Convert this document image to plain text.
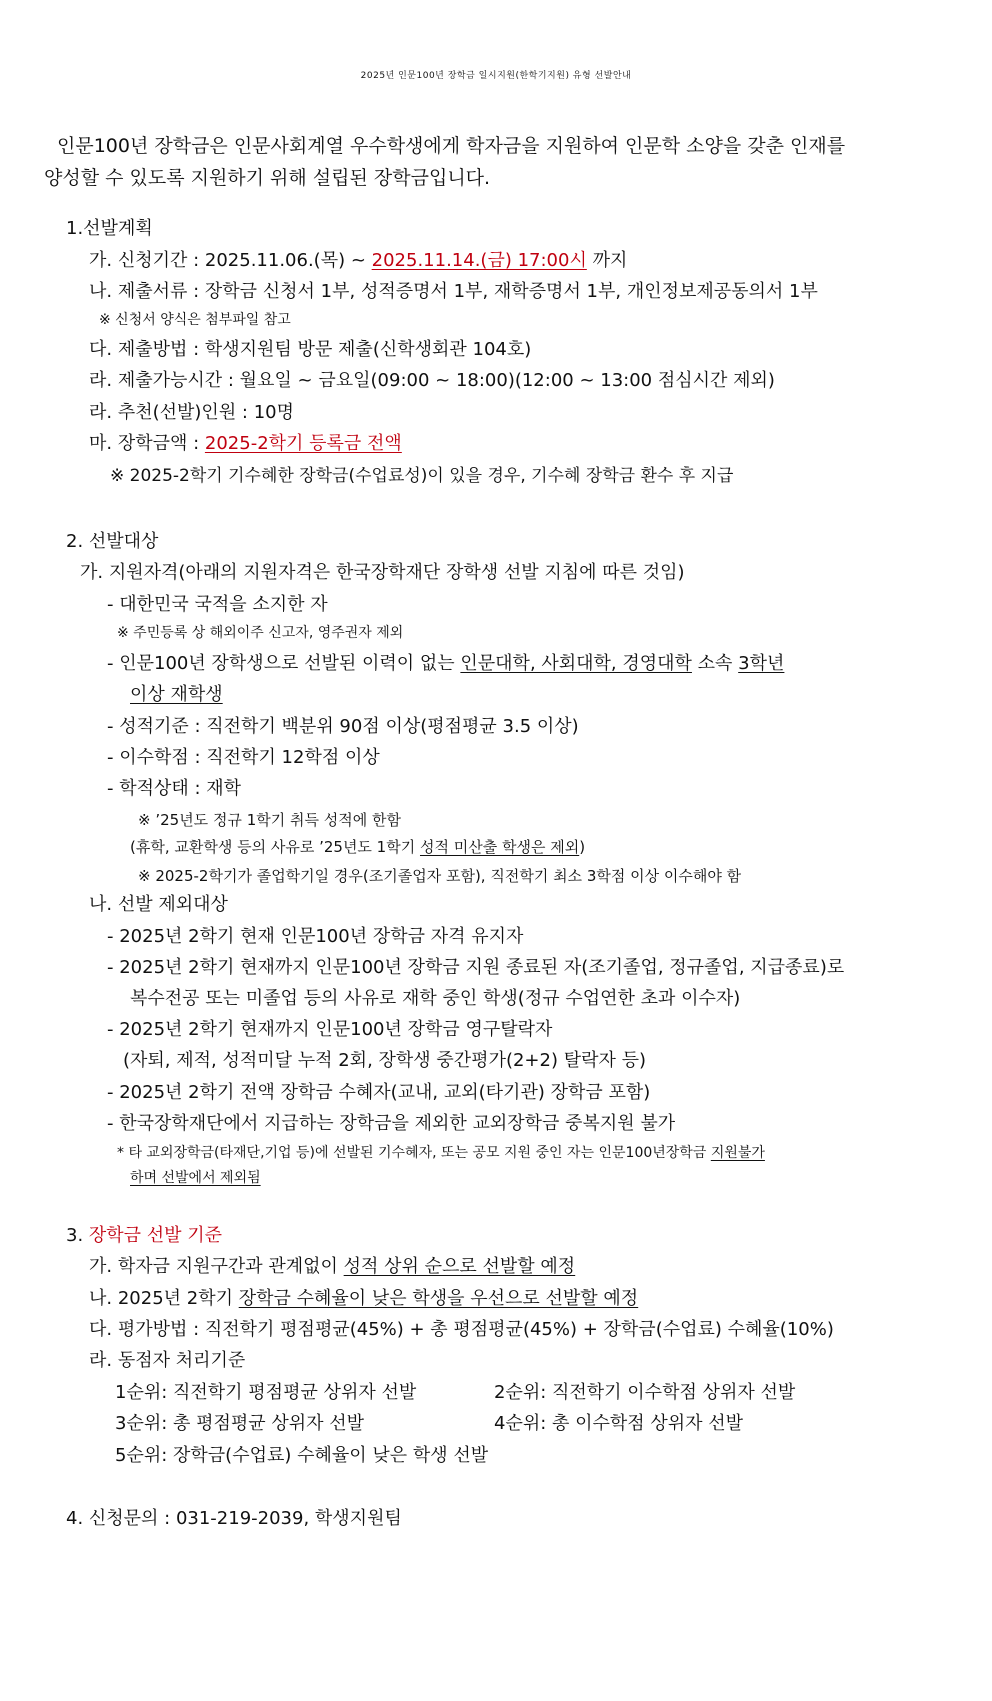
2025년 인문100년 장학금 일시지원(한학기지원) 유형 선발안내
인문100년 장학금은 인문사회계열 우수학생에게 학자금을 지원하여 인문학 소양을 갖춘 인재를
양성할 수 있도록 지원하기 위해 설립된 장학금입니다.
1.선발계획
가. 신청기간 : 2025.11.06.(목) ~ 2025.11.14.(금) 17:00시 까지
나. 제출서류 : 장학금 신청서 1부, 성적증명서 1부, 재학증명서 1부, 개인정보제공동의서 1부
※ 신청서 양식은 첨부파일 참고
다. 제출방법 : 학생지원팀 방문 제출(신학생회관 104호)
라. 제출가능시간 : 월요일 ~ 금요일(09:00 ~ 18:00)(12:00 ~ 13:00 점심시간 제외)
라. 추천(선발)인원 : 10명
마. 장학금액 : 2025-2학기 등록금 전액
※ 2025-2학기 기수혜한 장학금(수업료성)이 있을 경우, 기수혜 장학금 환수 후 지급
2. 선발대상
가. 지원자격(아래의 지원자격은 한국장학재단 장학생 선발 지침에 따른 것임)
- 대한민국 국적을 소지한 자
※ 주민등록 상 해외이주 신고자, 영주권자 제외
- 인문100년 장학생으로 선발된 이력이 없는 인문대학, 사회대학, 경영대학 소속 3학년
이상 재학생
- 성적기준 : 직전학기 백분위 90점 이상(평점평균 3.5 이상)
- 이수학점 : 직전학기 12학점 이상
- 학적상태 : 재학
※ ’25년도 정규 1학기 취득 성적에 한함
(휴학, 교환학생 등의 사유로 ’25년도 1학기 성적 미산출 학생은 제외)
※ 2025-2학기가 졸업학기일 경우(조기졸업자 포함), 직전학기 최소 3학점 이상 이수해야 함
나. 선발 제외대상
- 2025년 2학기 현재 인문100년 장학금 자격 유지자
- 2025년 2학기 현재까지 인문100년 장학금 지원 종료된 자(조기졸업, 정규졸업, 지급종료)로
복수전공 또는 미졸업 등의 사유로 재학 중인 학생(정규 수업연한 초과 이수자)
- 2025년 2학기 현재까지 인문100년 장학금 영구탈락자
(자퇴, 제적, 성적미달 누적 2회, 장학생 중간평가(2+2) 탈락자 등)
- 2025년 2학기 전액 장학금 수혜자(교내, 교외(타기관) 장학금 포함)
- 한국장학재단에서 지급하는 장학금을 제외한 교외장학금 중복지원 불가
* 타 교외장학금(타재단,기업 등)에 선발된 기수혜자, 또는 공모 지원 중인 자는 인문100년장학금 지원불가
하며 선발에서 제외됨
3. 장학금 선발 기준
가. 학자금 지원구간과 관계없이 성적 상위 순으로 선발할 예정
나. 2025년 2학기 장학금 수혜율이 낮은 학생을 우선으로 선발할 예정
다. 평가방법 : 직전학기 평점평균(45%) + 총 평점평균(45%) + 장학금(수업료) 수혜율(10%)
라. 동점자 처리기준
1순위: 직전학기 평점평균 상위자 선발	2순위: 직전학기 이수학점 상위자 선발
3순위: 총 평점평균 상위자 선발	4순위: 총 이수학점 상위자 선발
5순위: 장학금(수업료) 수혜율이 낮은 학생 선발
4. 신청문의 : 031-219-2039, 학생지원팀
